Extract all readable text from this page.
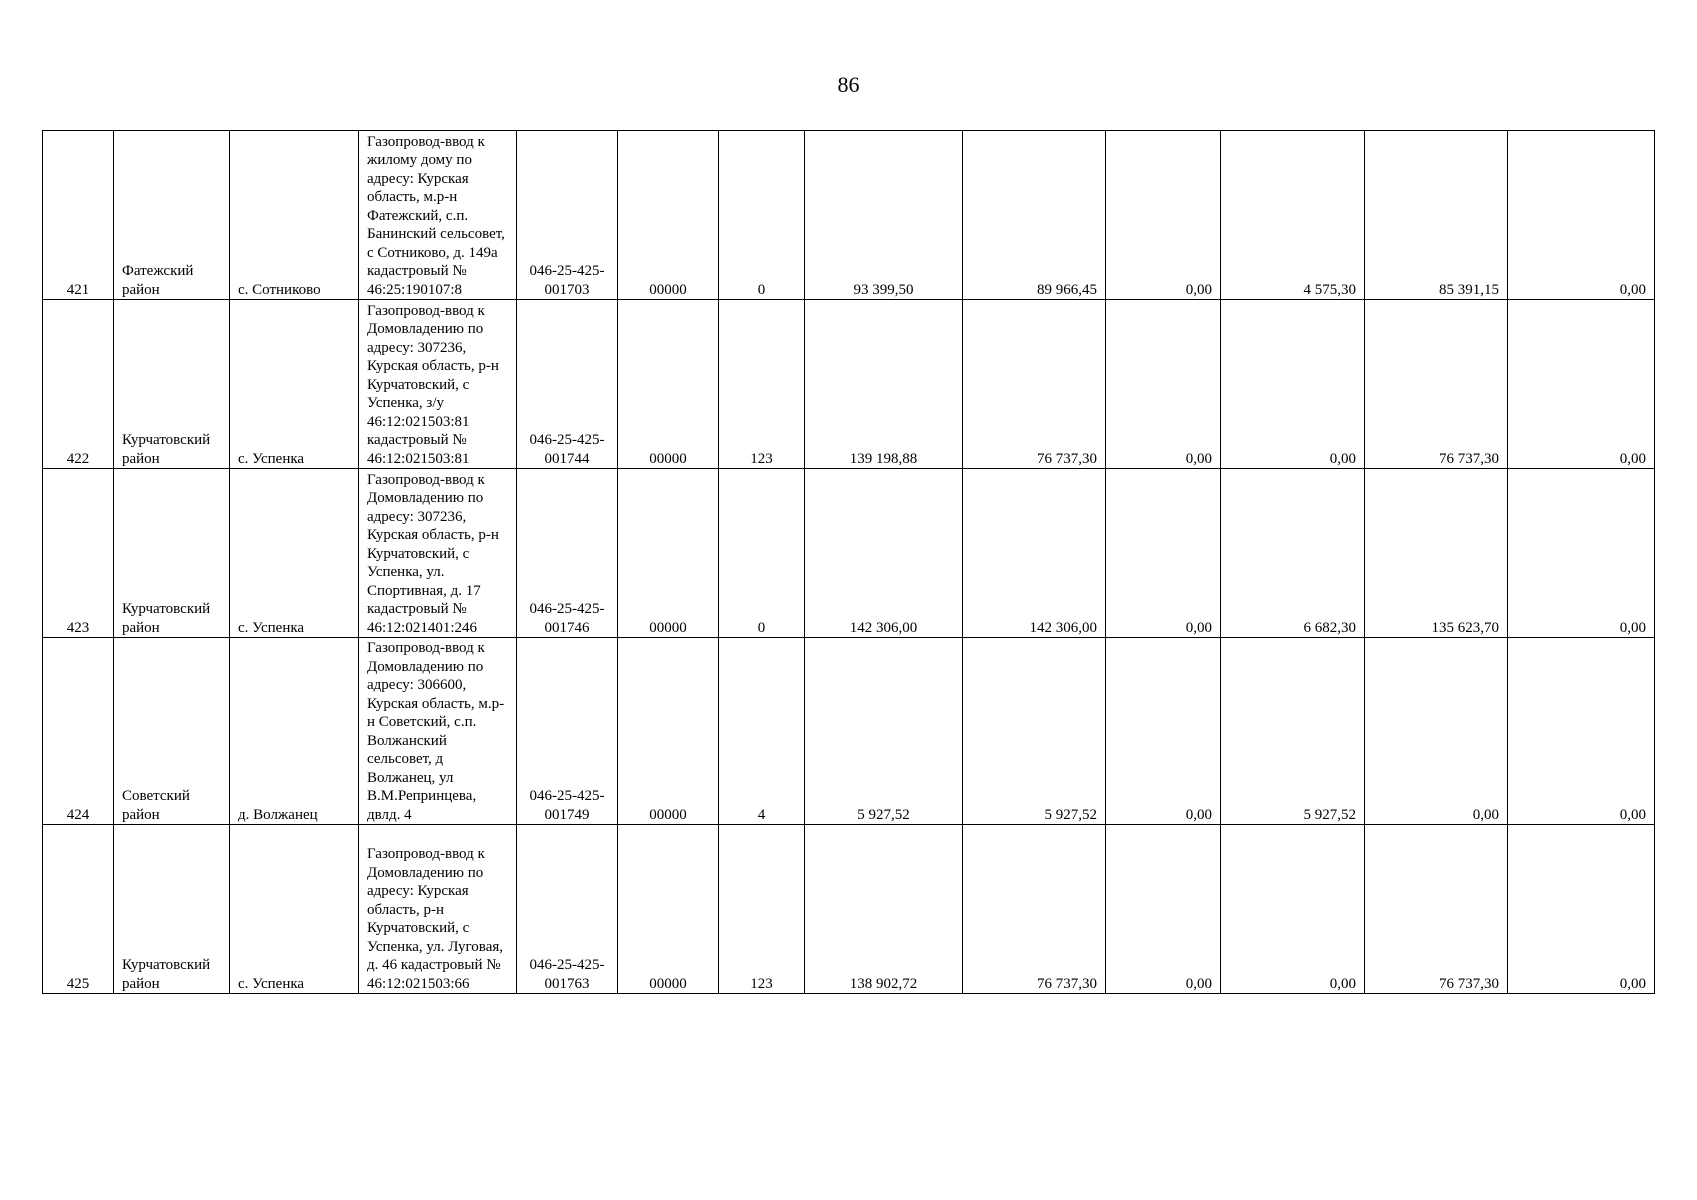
86
421	Фатежский район	с. Сотниково	Газопровод-ввод к жилому дому по адресу: Курская область, м.р-н Фатежский, с.п. Банинский сельсовет, с Сотниково, д. 149а кадастровый № 46:25:190107:8	046-25-425-001703	00000	0	93 399,50	89 966,45	0,00	4 575,30	85 391,15	0,00
422	Курчатовский район	с. Успенка	Газопровод-ввод к Домовладению по адресу: 307236, Курская область, р-н Курчатовский, с Успенка, з/у 46:12:021503:81 кадастровый № 46:12:021503:81	046-25-425-001744	00000	123	139 198,88	76 737,30	0,00	0,00	76 737,30	0,00
423	Курчатовский район	с. Успенка	Газопровод-ввод к Домовладению по адресу: 307236, Курская область, р-н Курчатовский, с Успенка, ул. Спортивная, д. 17 кадастровый № 46:12:021401:246	046-25-425-001746	00000	0	142 306,00	142 306,00	0,00	6 682,30	135 623,70	0,00
424	Советский район	д. Волжанец	Газопровод-ввод к Домовладению по адресу: 306600, Курская область, м.р-н Советский, с.п. Волжанский сельсовет, д Волжанец, ул В.М.Репринцева, двлд. 4	046-25-425-001749	00000	4	5 927,52	5 927,52	0,00	5 927,52	0,00	0,00
425	Курчатовский район	с. Успенка	Газопровод-ввод к Домовладению по адресу: Курская область, р-н Курчатовский, с Успенка, ул. Луговая, д. 46 кадастровый № 46:12:021503:66	046-25-425-001763	00000	123	138 902,72	76 737,30	0,00	0,00	76 737,30	0,00
